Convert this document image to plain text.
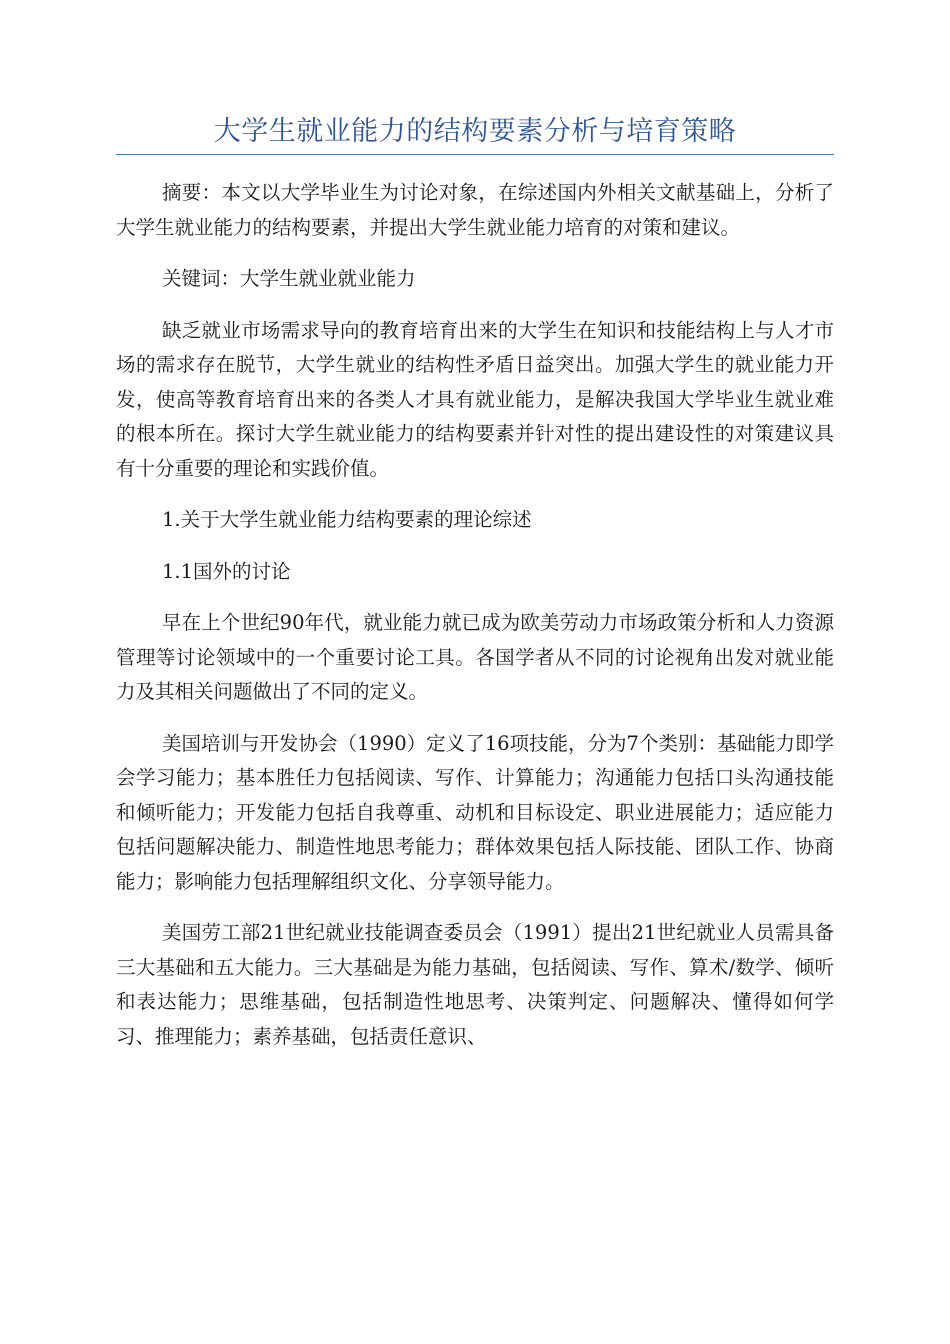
大学生就业能力的结构要素分析与培育策略

摘要：本文以大学毕业生为讨论对象，在综述国内外相关文献基础上，分析了大学生就业能力的结构要素，并提出大学生就业能力培育的对策和建议。

关键词：大学生就业就业能力

缺乏就业市场需求导向的教育培育出来的大学生在知识和技能结构上与人才市场的需求存在脱节，大学生就业的结构性矛盾日益突出。加强大学生的就业能力开发，使高等教育培育出来的各类人才具有就业能力，是解决我国大学毕业生就业难的根本所在。探讨大学生就业能力的结构要素并针对性的提出建设性的对策建议具有十分重要的理论和实践价值。

1.关于大学生就业能力结构要素的理论综述

1.1国外的讨论

早在上个世纪90年代，就业能力就已成为欧美劳动力市场政策分析和人力资源管理等讨论领域中的一个重要讨论工具。各国学者从不同的讨论视角出发对就业能力及其相关问题做出了不同的定义。

美国培训与开发协会（1990）定义了16项技能，分为7个类别：基础能力即学会学习能力；基本胜任力包括阅读、写作、计算能力；沟通能力包括口头沟通技能和倾听能力；开发能力包括自我尊重、动机和目标设定、职业进展能力；适应能力包括问题解决能力、制造性地思考能力；群体效果包括人际技能、团队工作、协商能力；影响能力包括理解组织文化、分享领导能力。

美国劳工部21世纪就业技能调查委员会（1991）提出21世纪就业人员需具备三大基础和五大能力。三大基础是为能力基础，包括阅读、写作、算术/数学、倾听和表达能力；思维基础，包括制造性地思考、决策判定、问题解决、懂得如何学习、推理能力；素养基础，包括责任意识、
